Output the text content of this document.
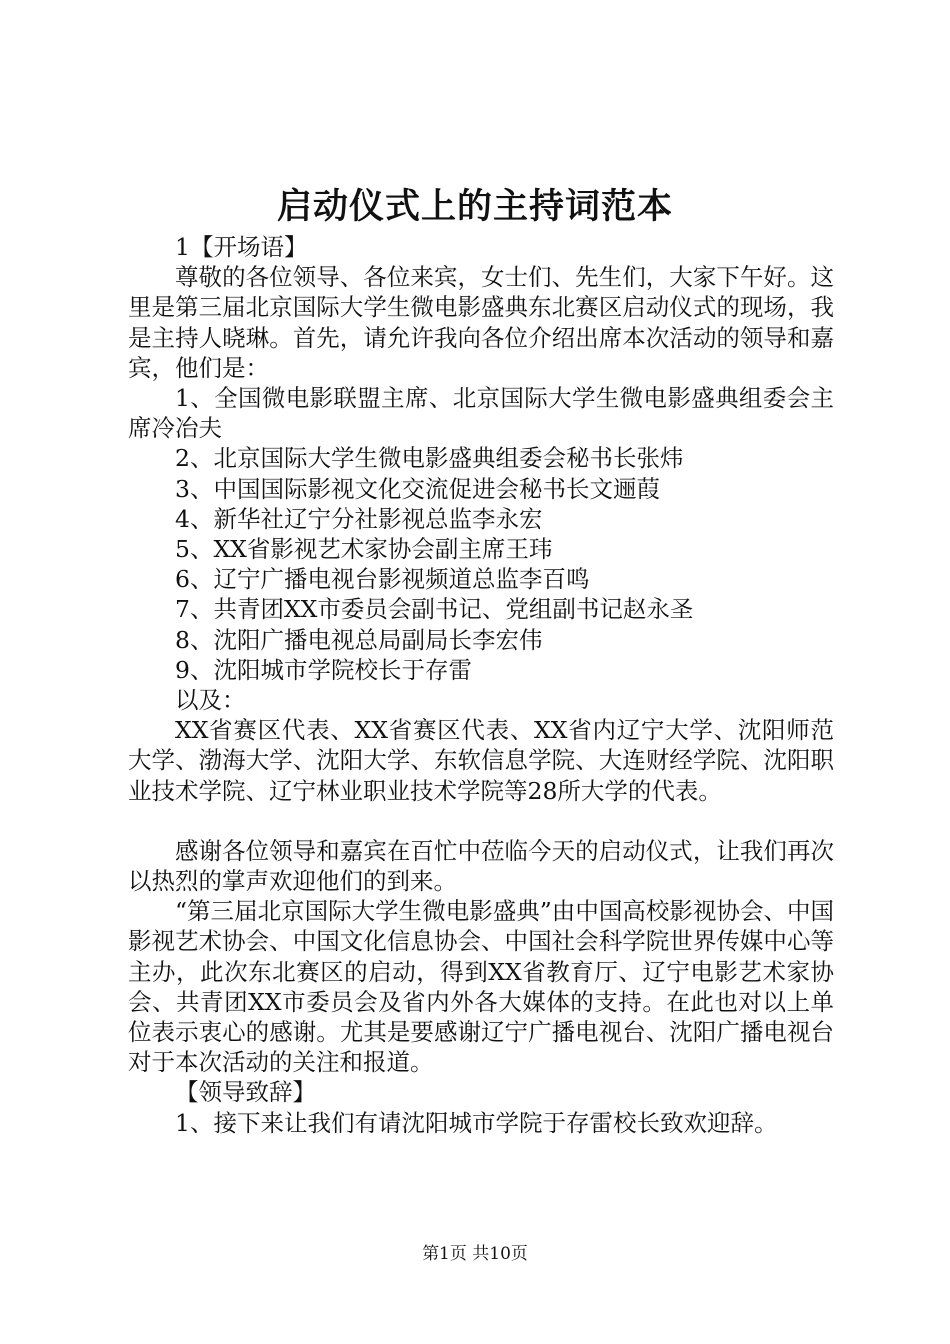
启动仪式上的主持词范本

1【开场语】

尊敬的各位领导、各位来宾，女士们、先生们，大家下午好。这里是第三届北京国际大学生微电影盛典东北赛区启动仪式的现场，我是主持人晓琳。首先，请允许我向各位介绍出席本次活动的领导和嘉宾，他们是：

1、全国微电影联盟主席、北京国际大学生微电影盛典组委会主席冷冶夫

2、北京国际大学生微电影盛典组委会秘书长张炜

3、中国国际影视文化交流促进会秘书长文逦葭

4、新华社辽宁分社影视总监李永宏

5、XX省影视艺术家协会副主席王玮

6、辽宁广播电视台影视频道总监李百鸣

7、共青团XX市委员会副书记、党组副书记赵永圣

8、沈阳广播电视总局副局长李宏伟

9、沈阳城市学院校长于存雷

以及：

XX省赛区代表、XX省赛区代表、XX省内辽宁大学、沈阳师范大学、渤海大学、沈阳大学、东软信息学院、大连财经学院、沈阳职业技术学院、辽宁林业职业技术学院等28所大学的代表。

感谢各位领导和嘉宾在百忙中莅临今天的启动仪式，让我们再次以热烈的掌声欢迎他们的到来。

“第三届北京国际大学生微电影盛典”由中国高校影视协会、中国影视艺术协会、中国文化信息协会、中国社会科学院世界传媒中心等主办，此次东北赛区的启动，得到XX省教育厅、辽宁电影艺术家协会、共青团XX市委员会及省内外各大媒体的支持。在此也对以上单位表示衷心的感谢。尤其是要感谢辽宁广播电视台、沈阳广播电视台对于本次活动的关注和报道。

【领导致辞】

1、接下来让我们有请沈阳城市学院于存雷校长致欢迎辞。

第1页 共10页
